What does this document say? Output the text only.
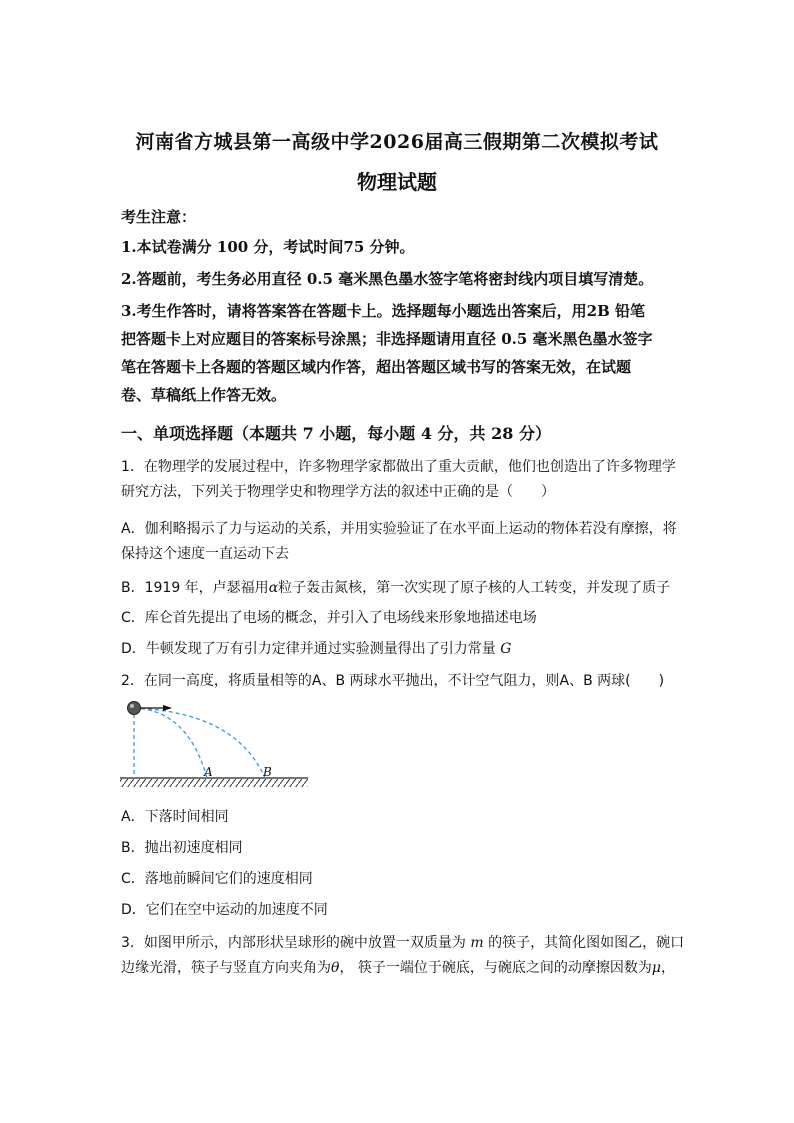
河南省方城县第一高级中学2026届高三假期第二次模拟考试
物理试题
考生注意：
1.本试卷满分 100 分，考试时间75 分钟。
2.答题前，考生务必用直径 0.5 毫米黑色墨水签字笔将密封线内项目填写清楚。
3.考生作答时，请将答案答在答题卡上。选择题每小题选出答案后，用2B 铅笔
把答题卡上对应题目的答案标号涂黑；非选择题请用直径 0.5 毫米黑色墨水签字
笔在答题卡上各题的答题区域内作答，超出答题区域书写的答案无效，在试题
卷、草稿纸上作答无效。
一、单项选择题（本题共 7 小题，每小题 4 分，共 28 分）
1．在物理学的发展过程中，许多物理学家都做出了重大贡献，他们也创造出了许多物理学
研究方法，下列关于物理学史和物理学方法的叙述中正确的是（　　）
A．伽利略揭示了力与运动的关系，并用实验验证了在水平面上运动的物体若没有摩擦，将
保持这个速度一直运动下去
B．1919 年，卢瑟福用α粒子轰击氮核，第一次实现了原子核的人工转变，并发现了质子
C．库仑首先提出了电场的概念，并引入了电场线来形象地描述电场
D．牛顿发现了万有引力定律并通过实验测量得出了引力常量 G
2．在同一高度，将质量相等的A、B 两球水平抛出，不计空气阻力，则A、B 两球(　　)
A	B
A．下落时间相同
B．抛出初速度相同
C．落地前瞬间它们的速度相同
D．它们在空中运动的加速度不同
3．如图甲所示，内部形状呈球形的碗中放置一双质量为 m 的筷子，其简化图如图乙，碗口
边缘光滑，筷子与竖直方向夹角为θ， 筷子一端位于碗底，与碗底之间的动摩擦因数为μ，
